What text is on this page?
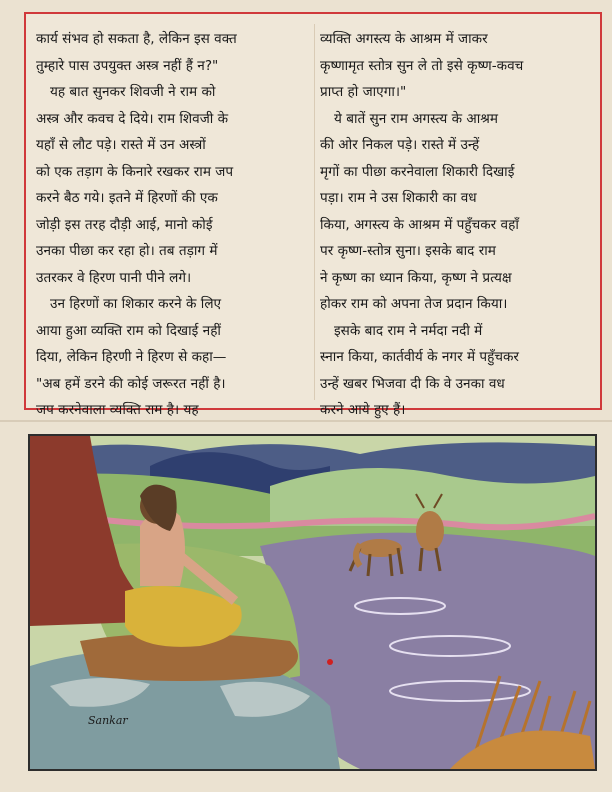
कार्य संभव हो सकता है, लेकिन इस वक्त
तुम्हारे पास उपयुक्त अस्त्र नहीं हैं न?"
यह बात सुनकर शिवजी ने राम को
अस्त्र और कवच दे दिये। राम शिवजी के
यहाँ से लौट पड़े। रास्ते में उन अस्त्रों
को एक तड़ाग के किनारे रखकर राम जप
करने बैठ गये। इतने में हिरणों की एक
जोड़ी इस तरह दौड़ी आई, मानो कोई
उनका पीछा कर रहा हो। तब तड़ाग में
उतरकर वे हिरण पानी पीने लगे।
उन हिरणों का शिकार करने के लिए
आया हुआ व्यक्ति राम को दिखाई नहीं
दिया, लेकिन हिरणी ने हिरण से कहा—
"अब हमें डरने की कोई जरूरत नहीं है।
जप करनेवाला व्यक्ति राम है। यह
व्यक्ति अगस्त्य के आश्रम में जाकर
कृष्णामृत स्तोत्र सुन ले तो इसे कृष्ण-कवच
प्राप्त हो जाएगा।"
ये बातें सुन राम अगस्त्य के आश्रम
की ओर निकल पड़े। रास्ते में उन्हें
मृगों का पीछा करनेवाला शिकारी दिखाई
पड़ा। राम ने उस शिकारी का वध
किया, अगस्त्य के आश्रम में पहुँचकर वहाँ
पर कृष्ण-स्तोत्र सुना। इसके बाद राम
ने कृष्ण का ध्यान किया, कृष्ण ने प्रत्यक्ष
होकर राम को अपना तेज प्रदान किया।
इसके बाद राम ने नर्मदा नदी में
स्नान किया, कार्तवीर्य के नगर में पहुँचकर
उन्हें खबर भिजवा दी कि वे उनका वध
करने आये हुए हैं।
Sankar
